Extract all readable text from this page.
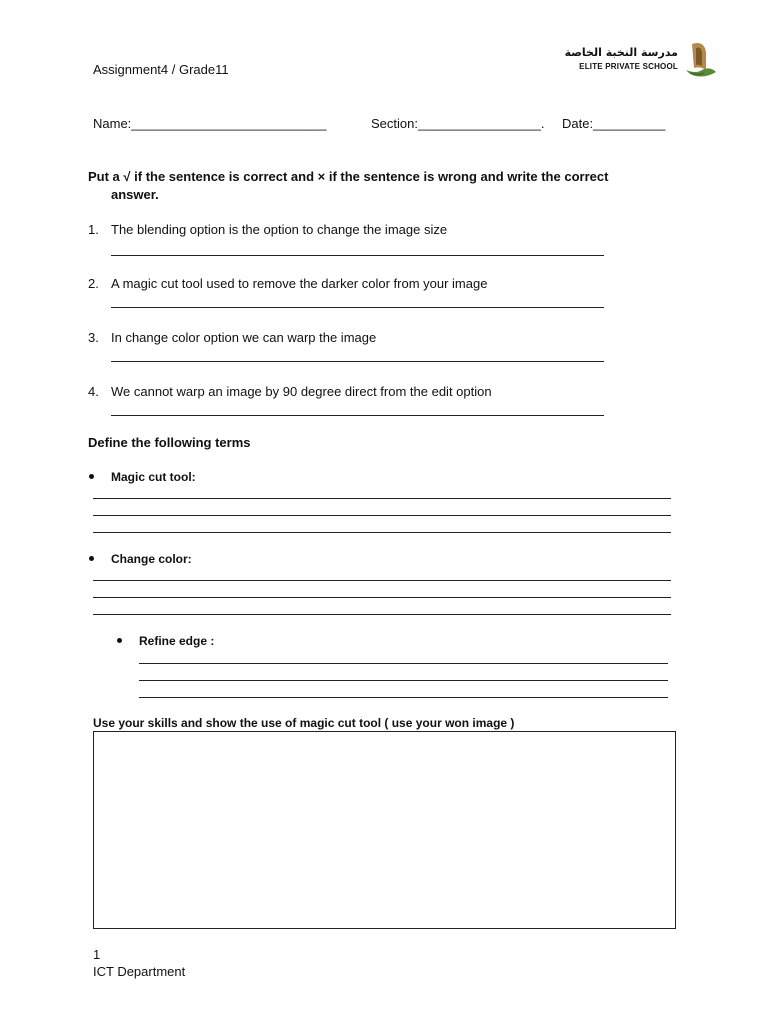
Assignment4 / Grade11
مدرسة النخبة الخاصة
ELITE PRIVATE SCHOOL
Name:___________________________	Section:_________________. Date:__________
Put a √ if the sentence is correct and × if the sentence is wrong and write the correct
answer.
1. The blending option is the option to change the image size
2. A magic cut tool used to remove the darker color from your image
3. In change color option we can warp the image
4. We cannot warp an image by 90 degree direct from the edit option
Define the following terms
Magic cut tool:
Change color:
Refine edge :
Use your skills and show the use of magic cut tool ( use your won image )
1
ICT Department
